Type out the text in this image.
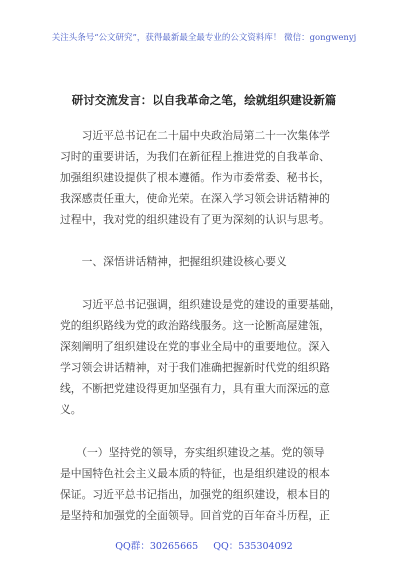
关注头条号“公文研究”，获得最新最全最专业的公文资料库！ 微信：gongwenyj
研讨交流发言：以自我革命之笔，绘就组织建设新篇

　　习近平总书记在二十届中央政治局第二十一次集体学
习时的重要讲话，为我们在新征程上推进党的自我革命、
加强组织建设提供了根本遵循。作为市委常委、秘书长，
我深感责任重大，使命光荣。在深入学习领会讲话精神的
过程中，我对党的组织建设有了更为深刻的认识与思考。

　　一、深悟讲话精神，把握组织建设核心要义

　　习近平总书记强调，组织建设是党的建设的重要基础，
党的组织路线为党的政治路线服务。这一论断高屋建瓴，
深刻阐明了组织建设在党的事业全局中的重要地位。深入
学习领会讲话精神，对于我们准确把握新时代党的组织路
线，不断把党建设得更加坚强有力，具有重大而深远的意
义。

　　（一）坚持党的领导，夯实组织建设之基。党的领导
是中国特色社会主义最本质的特征，也是组织建设的根本
保证。习近平总书记指出，加强党的组织建设，根本目的
是坚持和加强党的全面领导。回首党的百年奋斗历程，正

QQ群：30265665 QQ：535304092
